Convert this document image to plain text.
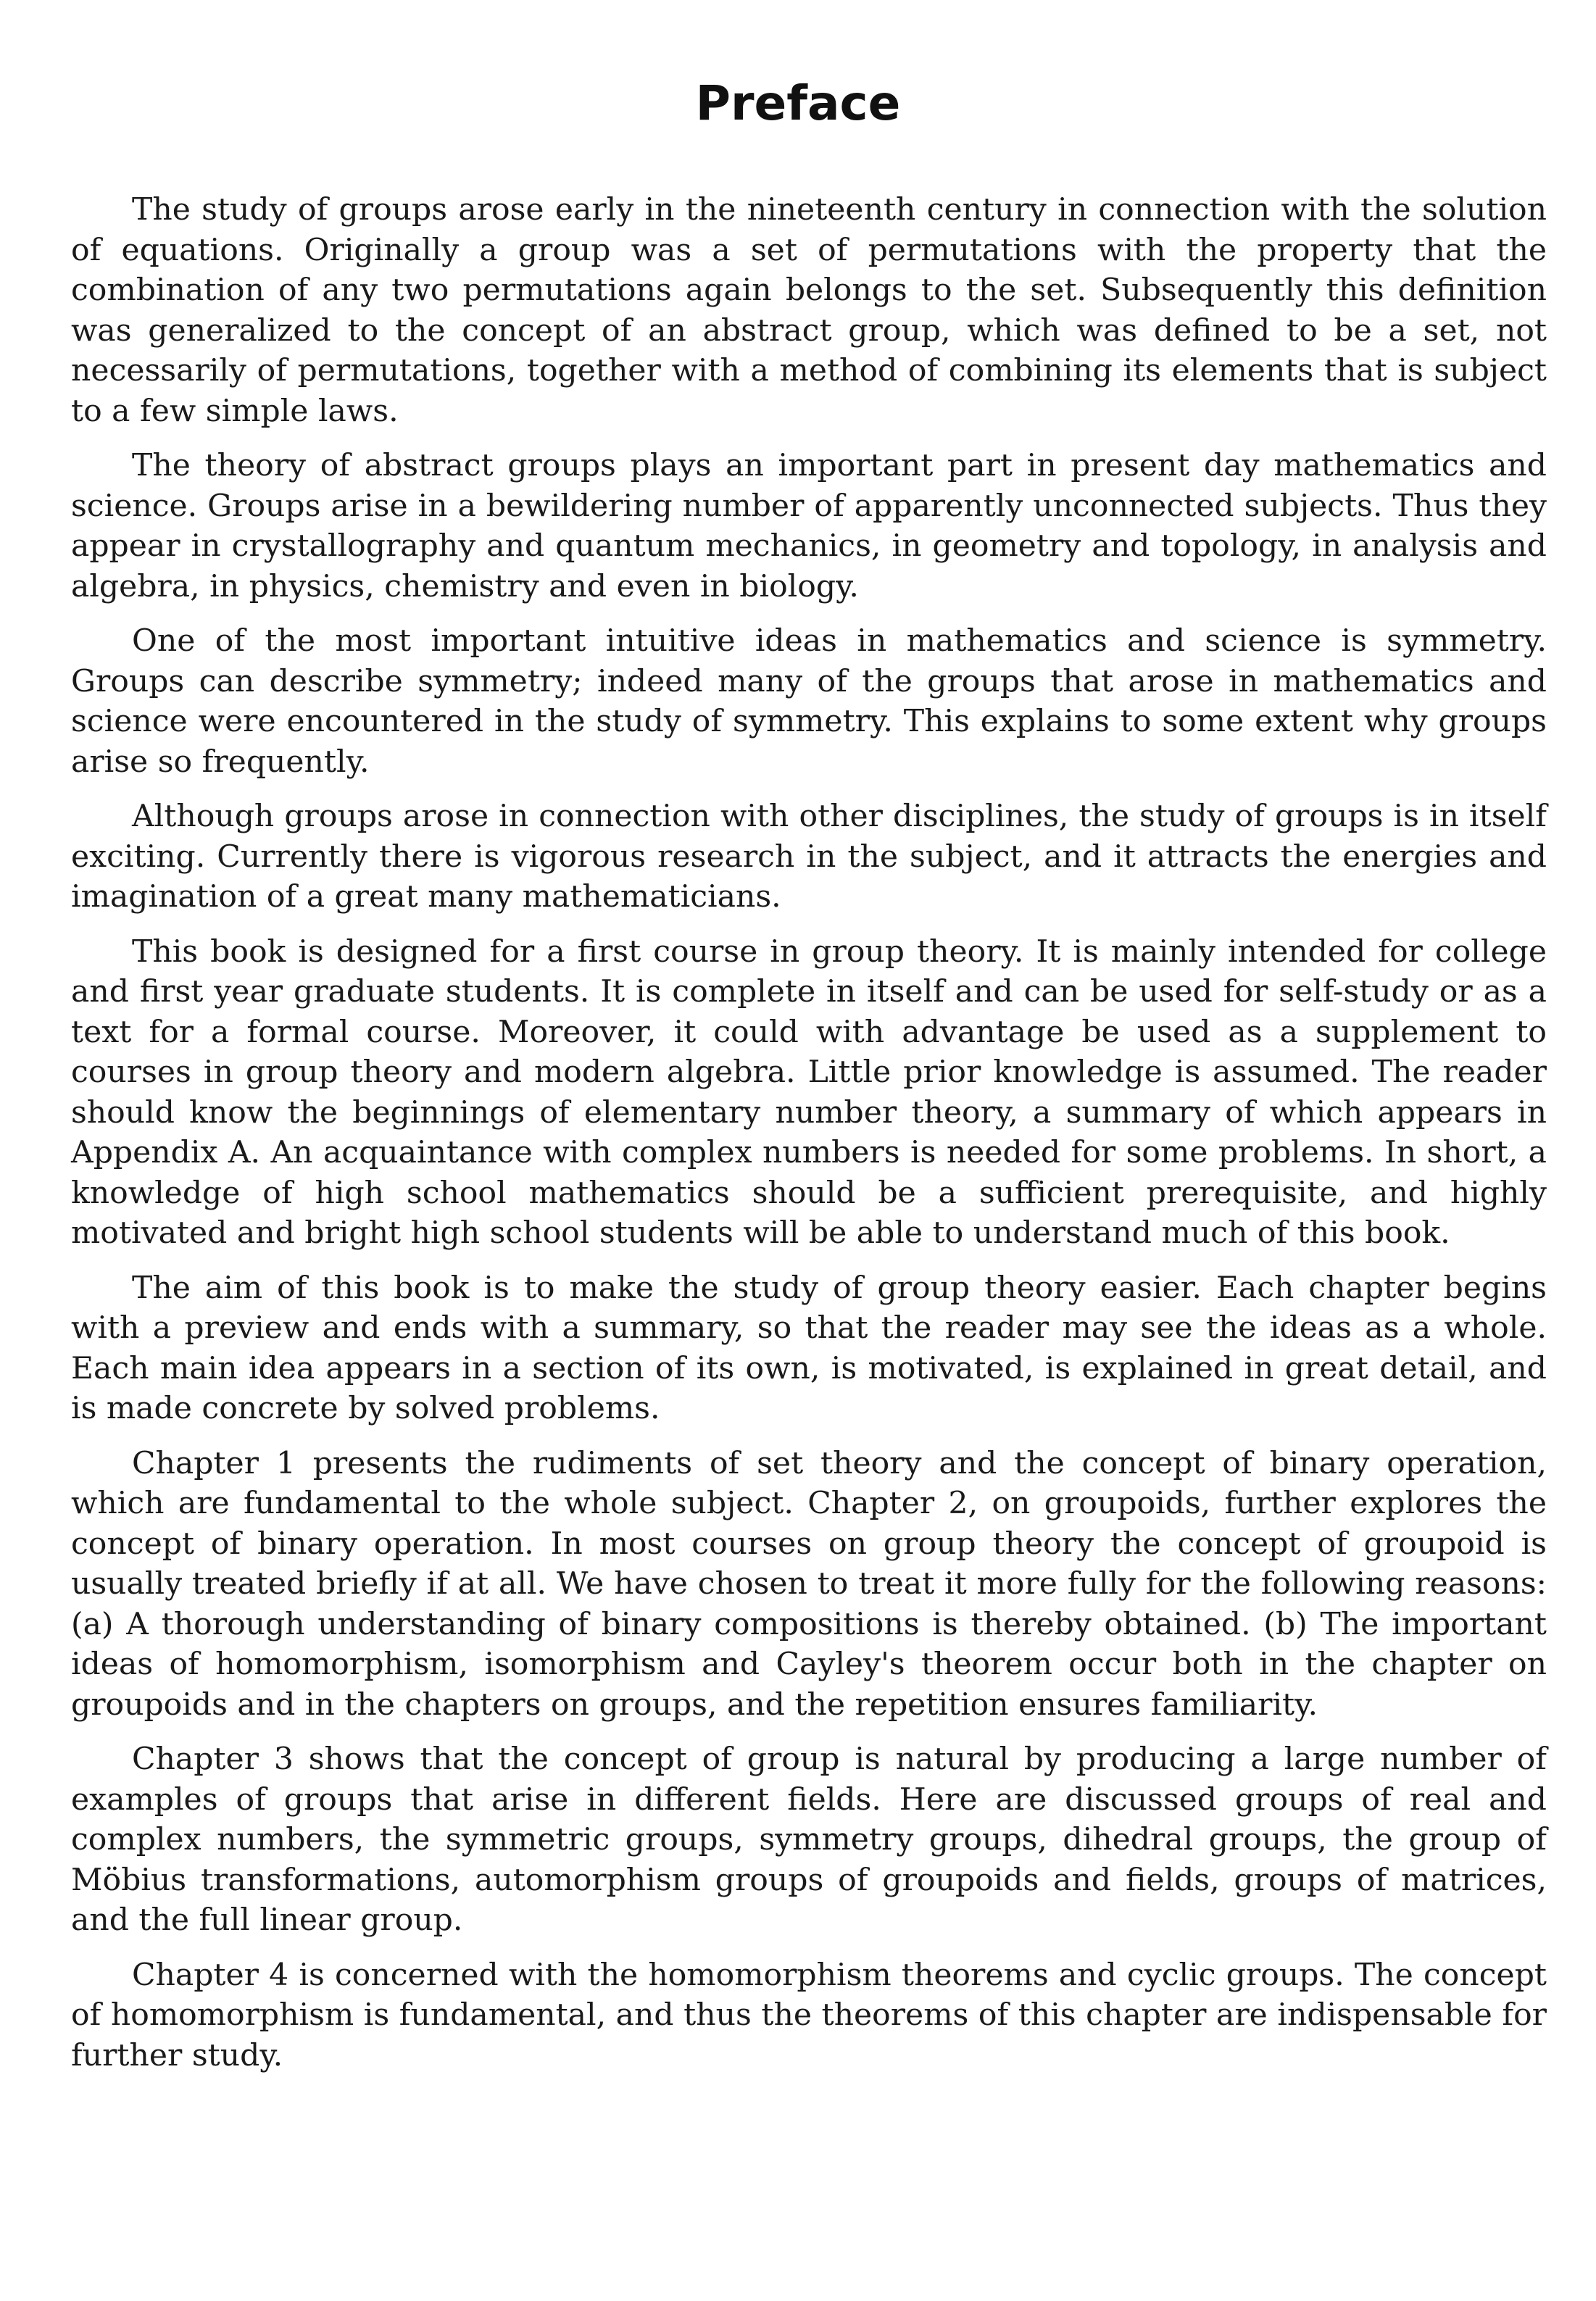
Preface

The study of groups arose early in the nineteenth century in connection with the solution of equations. Originally a group was a set of permutations with the property that the combination of any two permutations again belongs to the set. Subsequently this definition was generalized to the concept of an abstract group, which was defined to be a set, not necessarily of permutations, together with a method of combining its elements that is subject to a few simple laws.

The theory of abstract groups plays an important part in present day mathematics and science. Groups arise in a bewildering number of apparently unconnected subjects. Thus they appear in crystallography and quantum mechanics, in geometry and topology, in analysis and algebra, in physics, chemistry and even in biology.

One of the most important intuitive ideas in mathematics and science is symmetry. Groups can describe symmetry; indeed many of the groups that arose in mathematics and science were encountered in the study of symmetry. This explains to some extent why groups arise so frequently.

Although groups arose in connection with other disciplines, the study of groups is in itself exciting. Currently there is vigorous research in the subject, and it attracts the energies and imagination of a great many mathematicians.

This book is designed for a first course in group theory. It is mainly intended for college and first year graduate students. It is complete in itself and can be used for self-study or as a text for a formal course. Moreover, it could with advantage be used as a supplement to courses in group theory and modern algebra. Little prior knowledge is assumed. The reader should know the beginnings of elementary number theory, a summary of which appears in Appendix A. An acquaintance with complex numbers is needed for some problems. In short, a knowledge of high school mathematics should be a sufficient prerequisite, and highly motivated and bright high school students will be able to understand much of this book.

The aim of this book is to make the study of group theory easier. Each chapter begins with a preview and ends with a summary, so that the reader may see the ideas as a whole. Each main idea appears in a section of its own, is motivated, is explained in great detail, and is made concrete by solved problems.

Chapter 1 presents the rudiments of set theory and the concept of binary operation, which are fundamental to the whole subject. Chapter 2, on groupoids, further explores the concept of binary operation. In most courses on group theory the concept of groupoid is usually treated briefly if at all. We have chosen to treat it more fully for the following reasons: (a) A thorough understanding of binary compositions is thereby obtained. (b) The important ideas of homomorphism, isomorphism and Cayley's theorem occur both in the chapter on groupoids and in the chapters on groups, and the repetition ensures familiarity.

Chapter 3 shows that the concept of group is natural by producing a large number of examples of groups that arise in different fields. Here are discussed groups of real and complex numbers, the symmetric groups, symmetry groups, dihedral groups, the group of Möbius transformations, automorphism groups of groupoids and fields, groups of matrices, and the full linear group.

Chapter 4 is concerned with the homomorphism theorems and cyclic groups. The concept of homomorphism is fundamental, and thus the theorems of this chapter are indispensable for further study.
